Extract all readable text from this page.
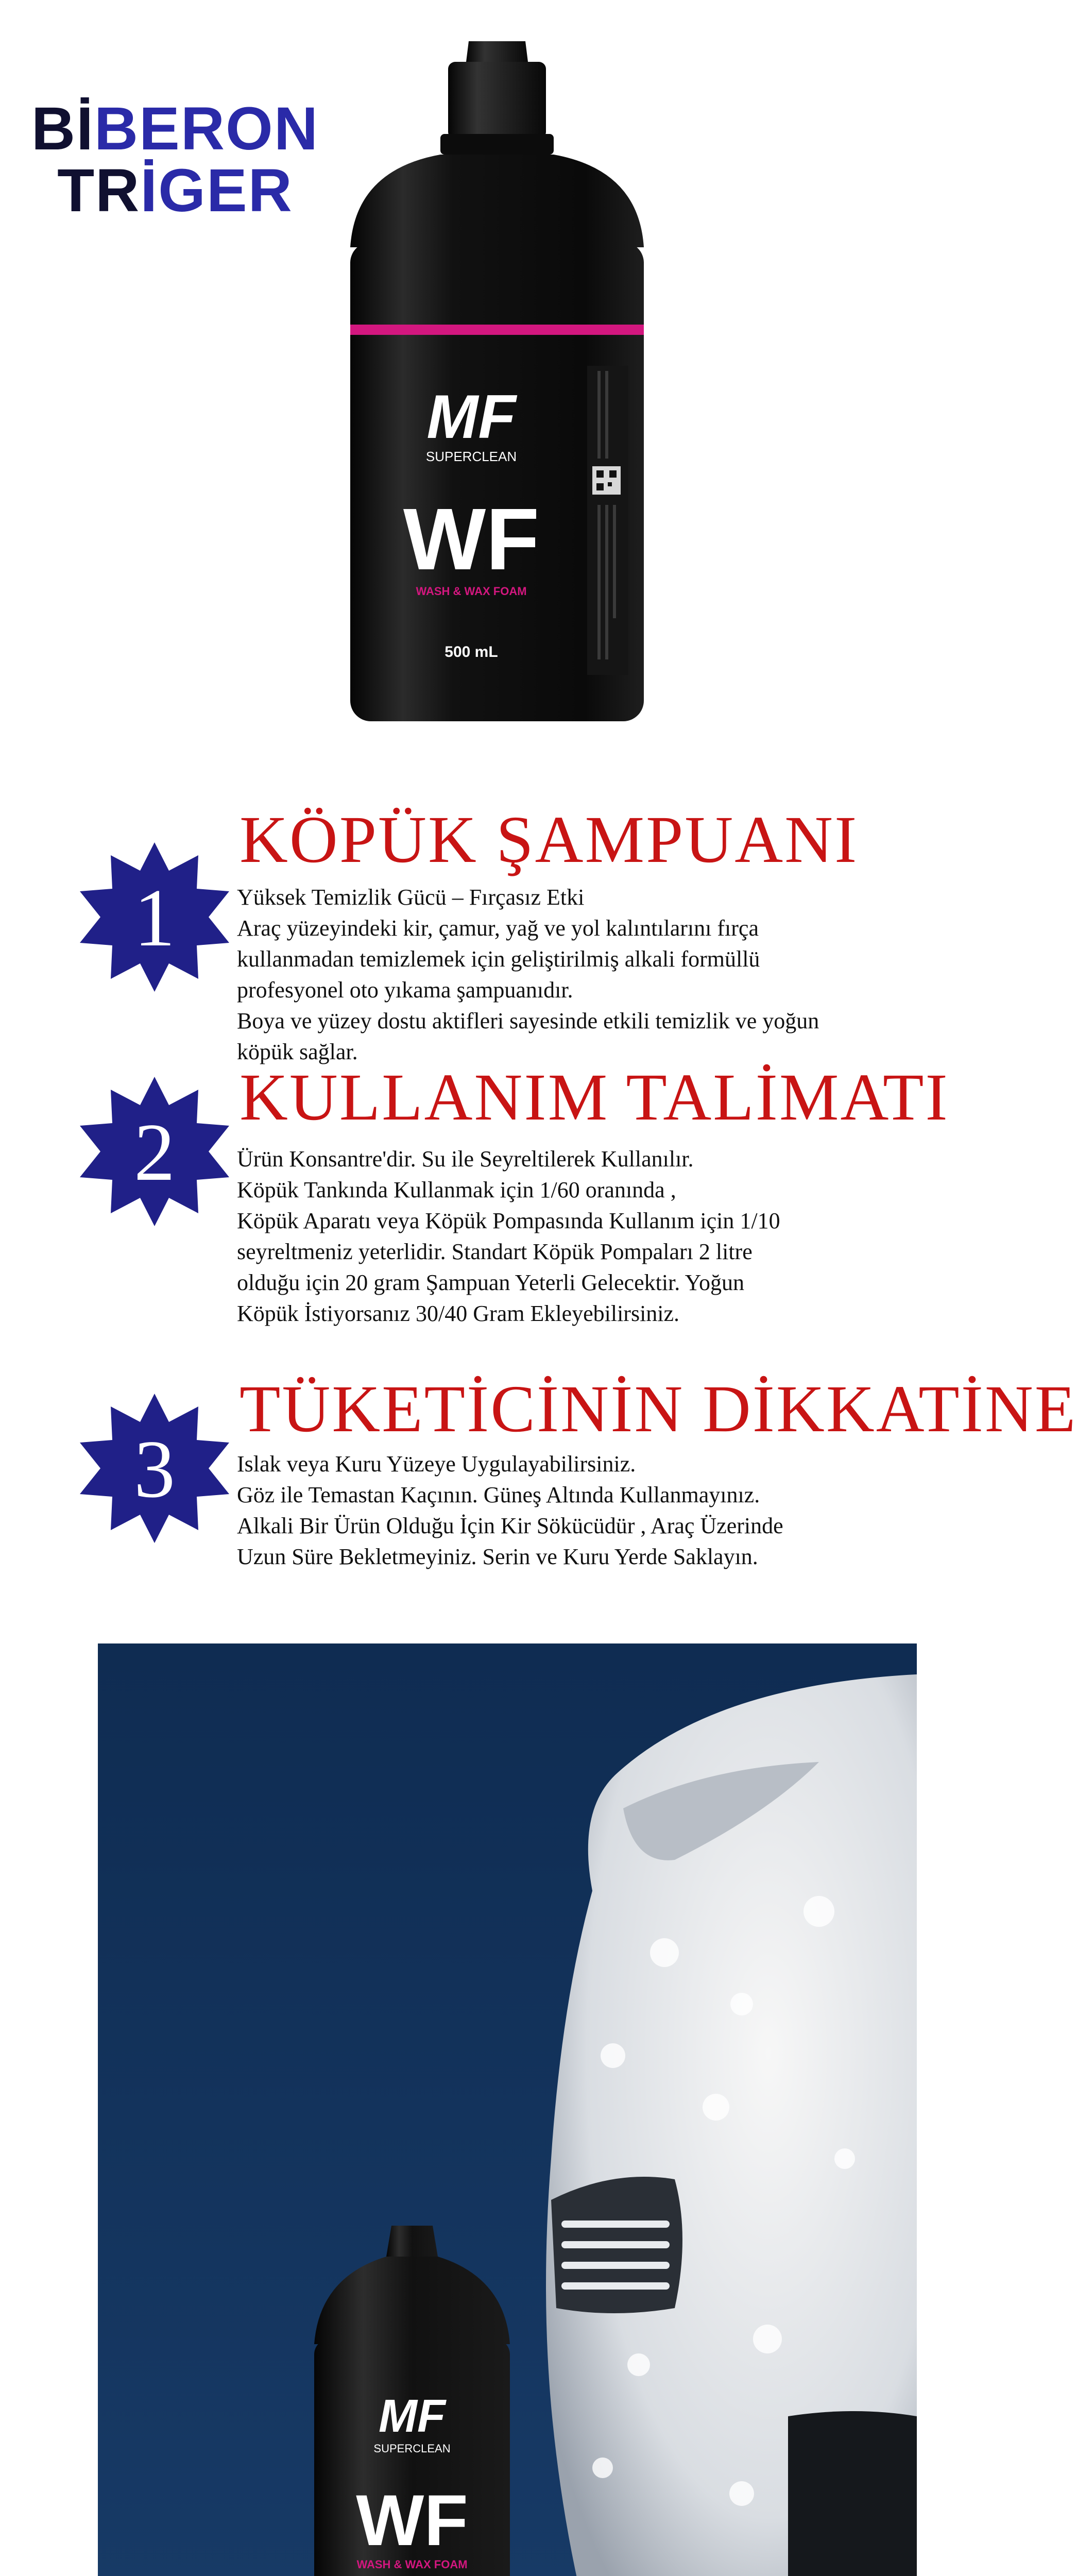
BİBERON
TRİGER
MF
SUPERCLEAN
WF
WASH & WAX FOAM
500 mL
1
KÖPÜK ŞAMPUANI

Yüksek Temizlik Gücü – Fırçasız Etki

Araç yüzeyindeki kir, çamur, yağ ve yol kalıntılarını fırça

kullanmadan temizlemek için geliştirilmiş alkali formüllü

profesyonel oto yıkama şampuanıdır.

Boya ve yüzey dostu aktifleri sayesinde etkili temizlik ve yoğun

köpük sağlar.

2
KULLANIM TALİMATI

Ürün Konsantre'dir. Su ile Seyreltilerek Kullanılır.

Köpük Tankında Kullanmak için 1/60 oranında ,

Köpük Aparatı veya Köpük Pompasında Kullanım için 1/10

seyreltmeniz yeterlidir. Standart Köpük Pompaları 2 litre

olduğu için 20 gram Şampuan Yeterli Gelecektir. Yoğun

Köpük İstiyorsanız 30/40 Gram Ekleyebilirsiniz.

3
TÜKETİCİNİN DİKKATİNE

Islak veya Kuru Yüzeye Uygulayabilirsiniz.

Göz ile Temastan Kaçının. Güneş Altında Kullanmayınız.

Alkali Bir Ürün Olduğu İçin Kir Sökücüdür , Araç Üzerinde

Uzun Süre Bekletmeyiniz. Serin ve Kuru Yerde Saklayın.

MF
SUPERCLEAN
WF
WASH & WAX FOAM
